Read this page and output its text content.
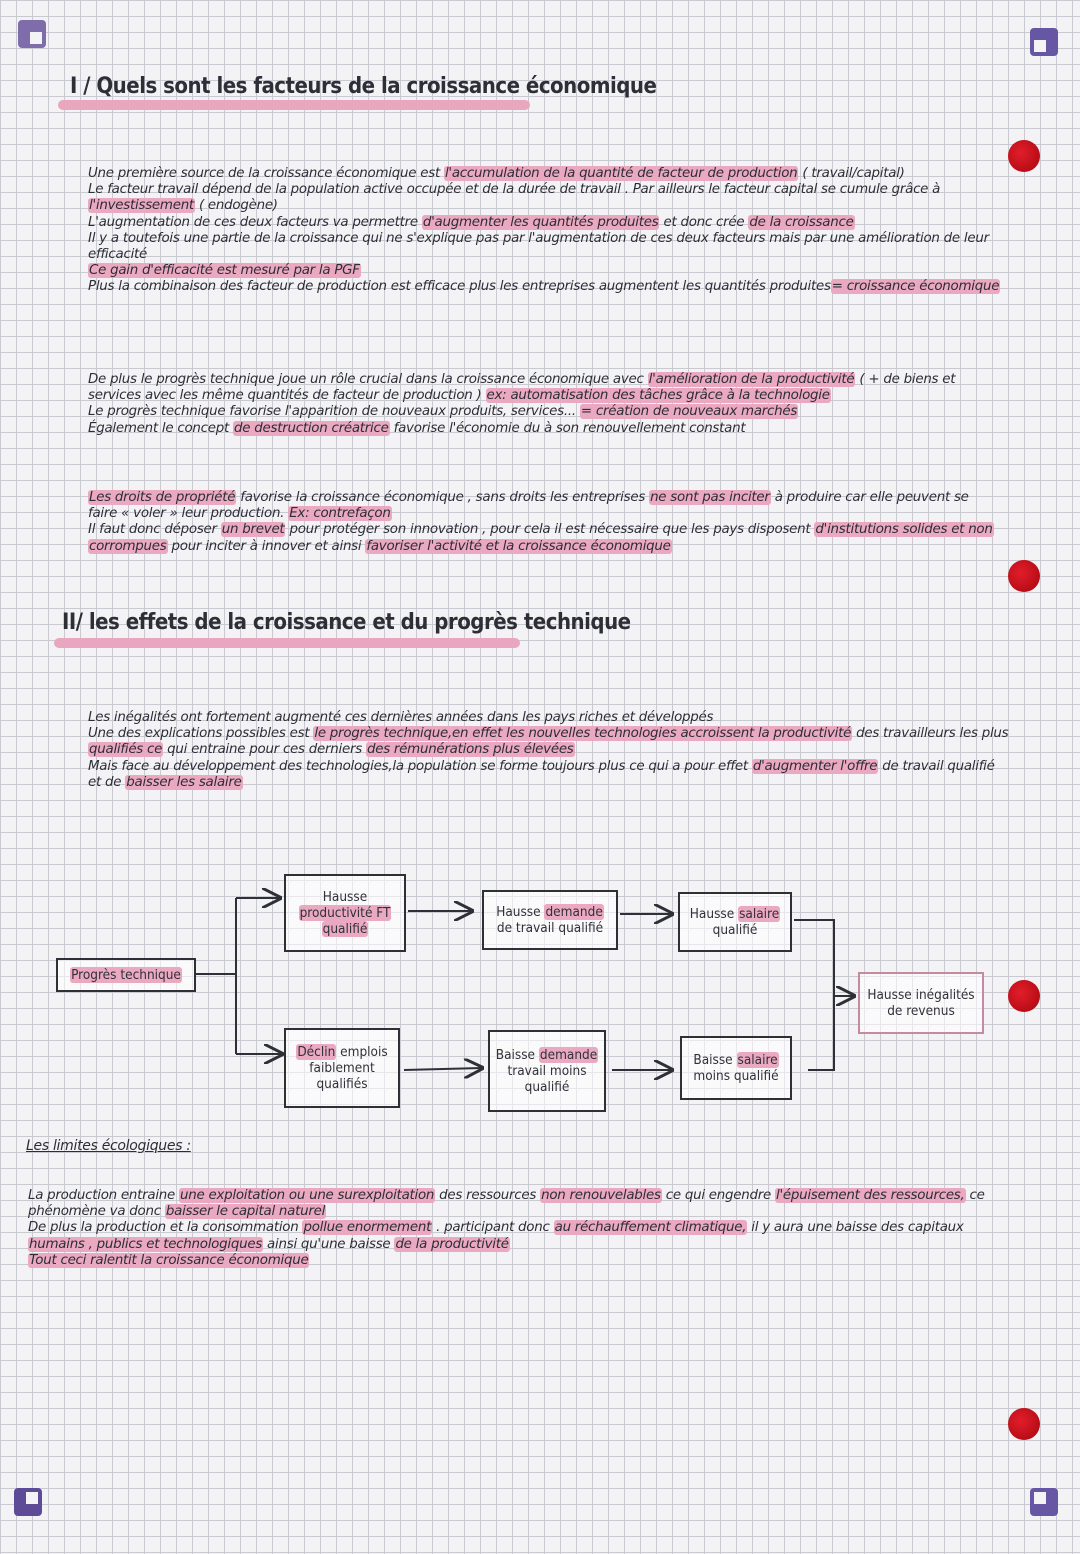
I / Quels sont les facteurs de la croissance économique

Une première source de la croissance économique est l'accumulation de la quantité de facteur de production ( travail/capital)
Le facteur travail dépend de la population active occupée et de la durée de travail . Par ailleurs le facteur capital se cumule grâce à
l'investissement ( endogène)
L'augmentation de ces deux facteurs va permettre d'augmenter les quantités produites et donc crée de la croissance
Il y a toutefois une partie de la croissance qui ne s'explique pas par l'augmentation de ces deux facteurs mais par une amélioration de leur efficacité
Ce gain d'efficacité est mesuré par la PGF
Plus la combinaison des facteur de production est efficace plus les entreprises augmentent les quantités produites= croissance économique

De plus le progrès technique joue un rôle crucial dans la croissance économique avec l'amélioration de la productivité ( + de biens et
services avec les même quantités de facteur de production ) ex: automatisation des tâches grâce à la technologie
Le progrès technique favorise l'apparition de nouveaux produits, services... = création de nouveaux marchés
Également le concept de destruction créatrice favorise l'économie du à son renouvellement constant

Les droits de propriété favorise la croissance économique , sans droits les entreprises ne sont pas inciter à produire car elle peuvent se
faire « voler » leur production. Ex: contrefaçon
Il faut donc déposer un brevet pour protéger son innovation , pour cela il est nécessaire que les pays disposent d'institutions solides et non
corrompues pour inciter à innover et ainsi favoriser l'activité et la croissance économique

II/ les effets de la croissance et du progrès technique

Les inégalités ont fortement augmenté ces dernières années dans les pays riches et développés
Une des explications possibles est le progrès technique,en effet les nouvelles technologies accroissent la productivité des travailleurs les plus
qualifiés ce qui entraine pour ces derniers des rémunérations plus élevées
Mais face au développement des technologies,la population se forme toujours plus ce qui a pour effet d'augmenter l'offre de travail qualifié
et de baisser les salaire

Progrès technique
Hausse
productivité FT
qualifié
Hausse demande
de travail qualifié
Hausse salaire
qualifié
Hausse inégalités de revenus
Déclin emplois faiblement qualifiés
Baisse demande
travail moins qualifié
Baisse salaire
moins qualifié
Les limites écologiques :

La production entraine une exploitation ou une surexploitation des ressources non renouvelables ce qui engendre l'épuisement des ressources, ce
phénomène va donc baisser le capital naturel
De plus la production et la consommation pollue enormement . participant donc au réchauffement climatique, il y aura une baisse des capitaux
humains , publics et technologiques ainsi qu'une baisse de la productivité
Tout ceci ralentit la croissance économique
